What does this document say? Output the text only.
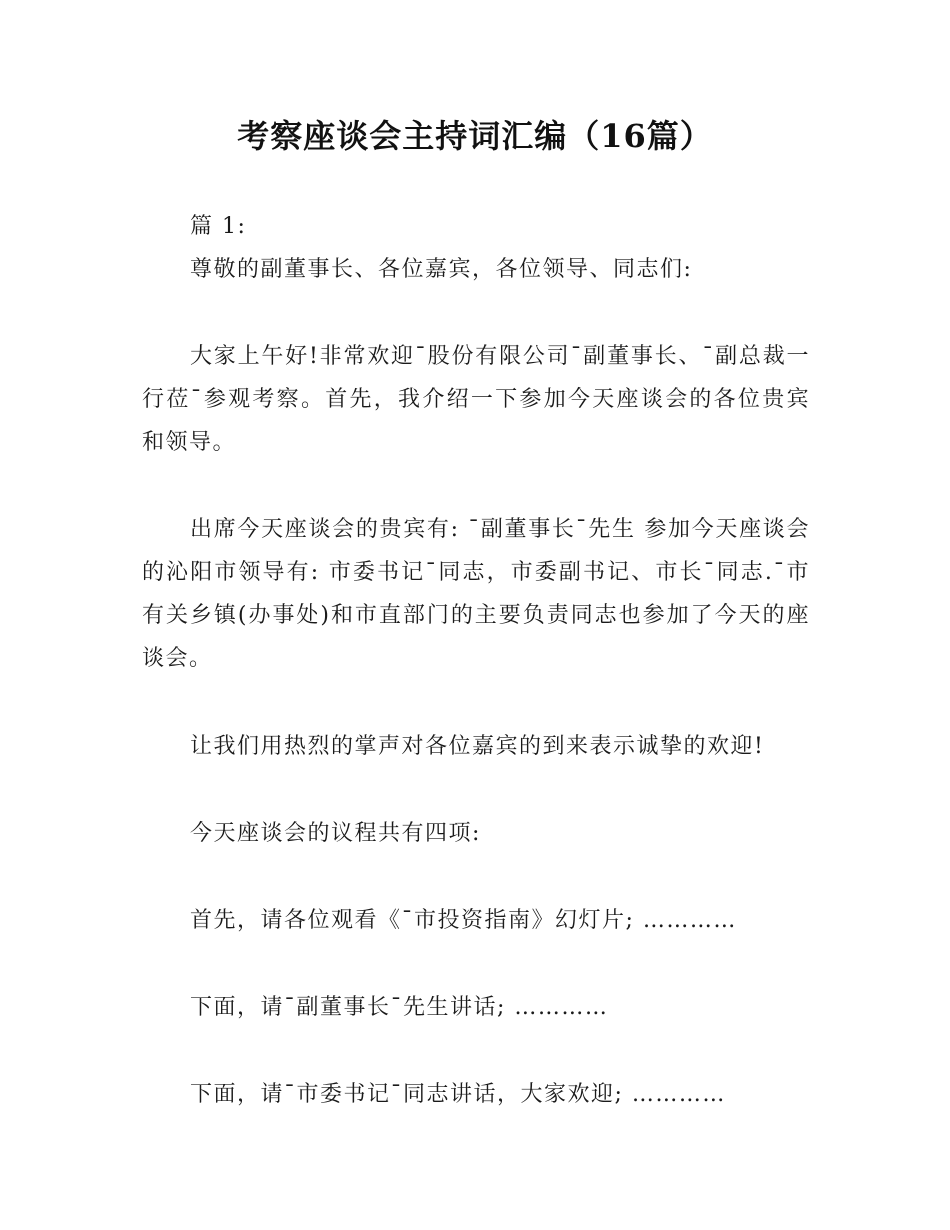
考察座谈会主持词汇编（16篇）

篇 1:

尊敬的副董事长、各位嘉宾，各位领导、同志们:

大家上午好!非常欢迎¯股份有限公司¯副董事长、¯副总裁一行莅¯参观考察。首先，我介绍一下参加今天座谈会的各位贵宾和领导。

出席今天座谈会的贵宾有: ¯副董事长¯先生 参加今天座谈会的沁阳市领导有: 市委书记¯同志，市委副书记、市长¯同志.¯市有关乡镇(办事处)和市直部门的主要负责同志也参加了今天的座谈会。

让我们用热烈的掌声对各位嘉宾的到来表示诚挚的欢迎!

今天座谈会的议程共有四项:

首先，请各位观看《¯市投资指南》幻灯片; …………

下面，请¯副董事长¯先生讲话; …………

下面，请¯市委书记¯同志讲话，大家欢迎; …………
